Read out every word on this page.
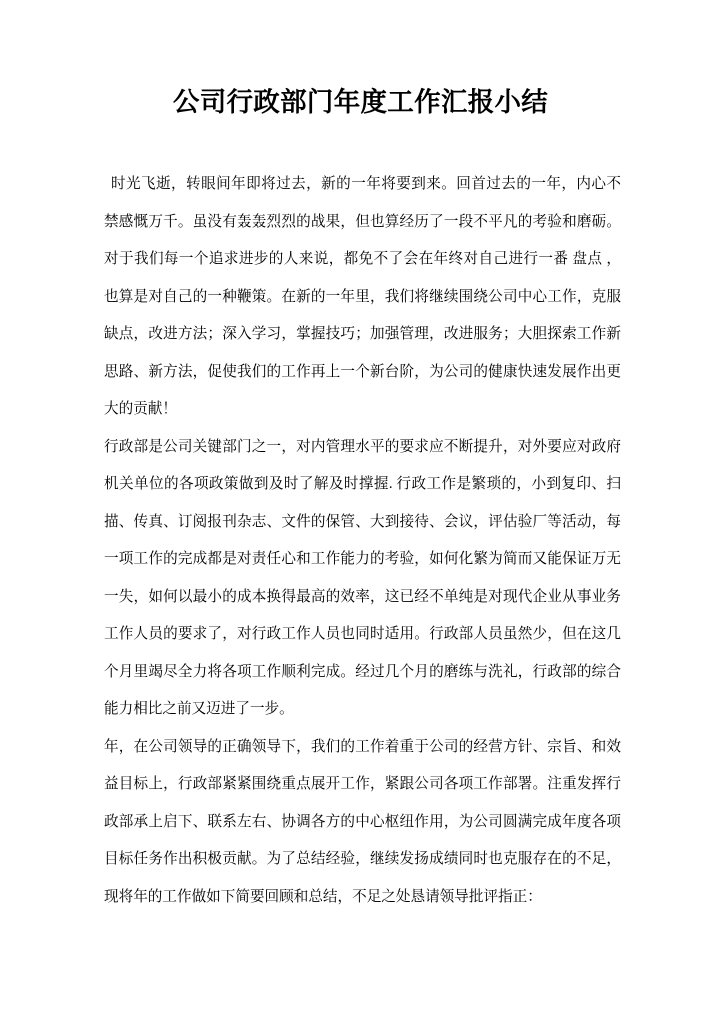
公司行政部门年度工作汇报小结

时光飞逝，转眼间年即将过去，新的一年将要到来。回首过去的一年，内心不禁感慨万千。虽没有轰轰烈烈的战果，但也算经历了一段不平凡的考验和磨砺。对于我们每一个追求进步的人来说，都免不了会在年终对自己进行一番 盘点 ，也算是对自己的一种鞭策。在新的一年里，我们将继续围绕公司中心工作，克服缺点，改进方法；深入学习，掌握技巧；加强管理，改进服务；大胆探索工作新思路、新方法，促使我们的工作再上一个新台阶，为公司的健康快速发展作出更大的贡献！

行政部是公司关键部门之一，对内管理水平的要求应不断提升，对外要应对政府机关单位的各项政策做到及时了解及时撑握. 行政工作是繁琐的，小到复印、扫描、传真、订阅报刊杂志、文件的保管、大到接待、会议，评估验厂等活动，每一项工作的完成都是对责任心和工作能力的考验，如何化繁为简而又能保证万无一失，如何以最小的成本换得最高的效率，这已经不单纯是对现代企业从事业务工作人员的要求了，对行政工作人员也同时适用。行政部人员虽然少，但在这几个月里竭尽全力将各项工作顺利完成。经过几个月的磨练与洗礼，行政部的综合能力相比之前又迈进了一步。

年，在公司领导的正确领导下，我们的工作着重于公司的经营方针、宗旨、和效益目标上，行政部紧紧围绕重点展开工作，紧跟公司各项工作部署。注重发挥行政部承上启下、联系左右、协调各方的中心枢纽作用，为公司圆满完成年度各项目标任务作出积极贡献。为了总结经验，继续发扬成绩同时也克服存在的不足，现将年的工作做如下简要回顾和总结，不足之处恳请领导批评指正：
